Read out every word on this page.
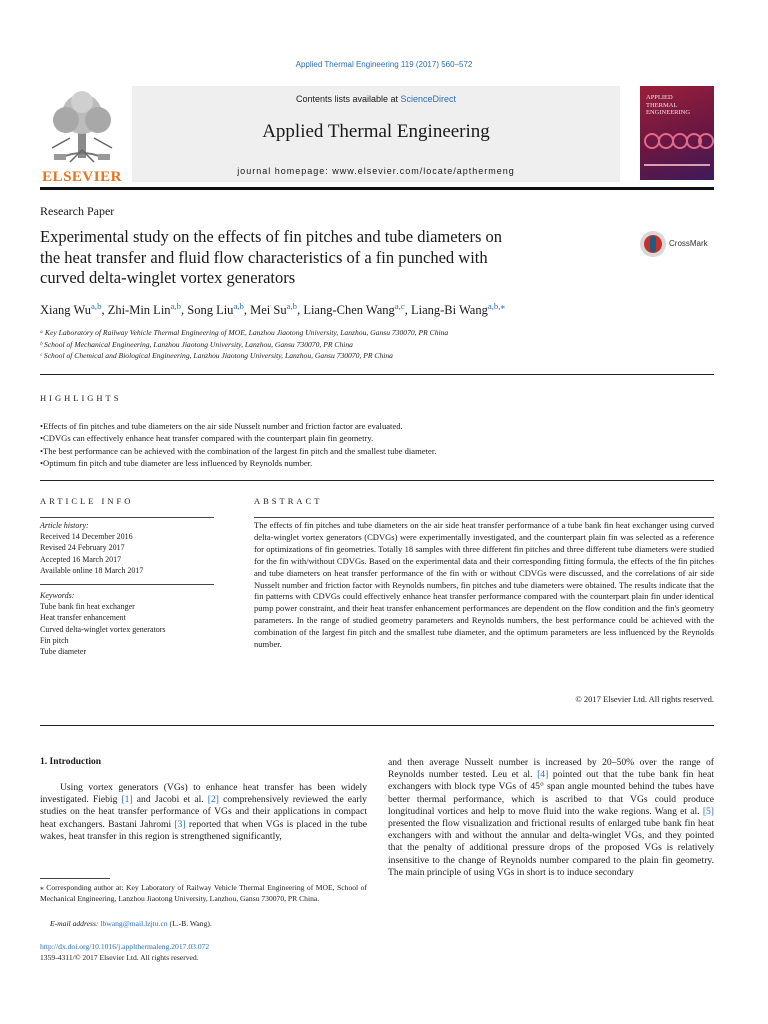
Applied Thermal Engineering 119 (2017) 560–572
ELSEVIER
Contents lists available at ScienceDirect
Applied Thermal Engineering
journal homepage: www.elsevier.com/locate/apthermeng
APPLIED
THERMAL
ENGINEERING
Research Paper
Experimental study on the effects of fin pitches and tube diameters on
the heat transfer and fluid flow characteristics of a fin punched with
curved delta-winglet vortex generators
CrossMark
Xiang Wu$^{a,b}$, Zhi-Min Lin$^{a,b}$, Song Liu$^{a,b}$, Mei Su$^{a,b}$, Liang-Chen Wang$^{a,c}$, Liang-Bi Wang$^{a,b,⁎}$
ᵃ Key Laboratory of Railway Vehicle Thermal Engineering of MOE, Lanzhou Jiaotong University, Lanzhou, Gansu 730070, PR China
ᵇ School of Mechanical Engineering, Lanzhou Jiaotong University, Lanzhou, Gansu 730070, PR China
ᶜ School of Chemical and Biological Engineering, Lanzhou Jiaotong University, Lanzhou, Gansu 730070, PR China
HIGHLIGHTS
• Effects of fin pitches and tube diameters on the air side Nusselt number and friction factor are evaluated.
• CDVGs can effectively enhance heat transfer compared with the counterpart plain fin geometry.
• The best performance can be achieved with the combination of the largest fin pitch and the smallest tube diameter.
• Optimum fin pitch and tube diameter are less influenced by Reynolds number.
ARTICLE INFO
Article history:
Received 14 December 2016
Revised 24 February 2017
Accepted 16 March 2017
Available online 18 March 2017
Keywords:
Tube bank fin heat exchanger
Heat transfer enhancement
Curved delta-winglet vortex generators
Fin pitch
Tube diameter
ABSTRACT
The effects of fin pitches and tube diameters on the air side heat transfer performance of a tube bank fin heat exchanger using curved delta-winglet vortex generators (CDVGs) were experimentally investigated, and the counterpart plain fin was selected as a reference for optimizations of fin geometries. Totally 18 samples with three different fin pitches and three different tube diameters were studied for the fin with/without CDVGs. Based on the experimental data and their corresponding fitting formula, the effects of the fin pitches and tube diameters on heat transfer performance of the fin with or without CDVGs were discussed, and the correlations of air side Nusselt number and friction factor with Reynolds numbers, fin pitches and tube diameters were obtained. The results indicate that the fin patterns with CDVGs could effectively enhance heat transfer performance compared with the counterpart plain fin under identical pump power constraint, and their heat transfer enhancement performances are dependent on the flow condition and the fin's geometry parameters. In the range of studied geometry parameters and Reynolds numbers, the best performance could be achieved with the combination of the largest fin pitch and the smallest tube diameter, and the optimum parameters are less influenced by the Reynolds number.
© 2017 Elsevier Ltd. All rights reserved.
1. Introduction
Using vortex generators (VGs) to enhance heat transfer has been widely investigated. Fiebig [1] and Jacobi et al. [2] comprehensively reviewed the early studies on the heat transfer performance of VGs and their applications in compact heat exchangers. Bastani Jahromi [3] reported that when VGs is placed in the tube wakes, heat transfer in this region is strengthened significantly,
and then average Nusselt number is increased by 20–50% over the range of Reynolds number tested. Leu et al. [4] pointed out that the tube bank fin heat exchangers with block type VGs of 45° span angle mounted behind the tubes have better thermal performance, which is ascribed to that VGs could produce longitudinal vortices and help to move fluid into the wake regions. Wang et al. [5] presented the flow visualization and frictional results of enlarged tube bank fin heat exchangers with and without the annular and delta-winglet VGs, and they pointed that the penalty of additional pressure drops of the proposed VGs is relatively insensitive to the change of Reynolds number compared to the plain fin geometry. The main principle of using VGs in short is to induce secondary
⁎ Corresponding author at: Key Laboratory of Railway Vehicle Thermal Engineering of MOE, School of Mechanical Engineering, Lanzhou Jiaotong University, Lanzhou, Gansu 730070, PR China.
E-mail address: lbwang@mail.lzjtu.cn (L.-B. Wang).
http://dx.doi.org/10.1016/j.applthermaleng.2017.03.072
1359-4311/© 2017 Elsevier Ltd. All rights reserved.
